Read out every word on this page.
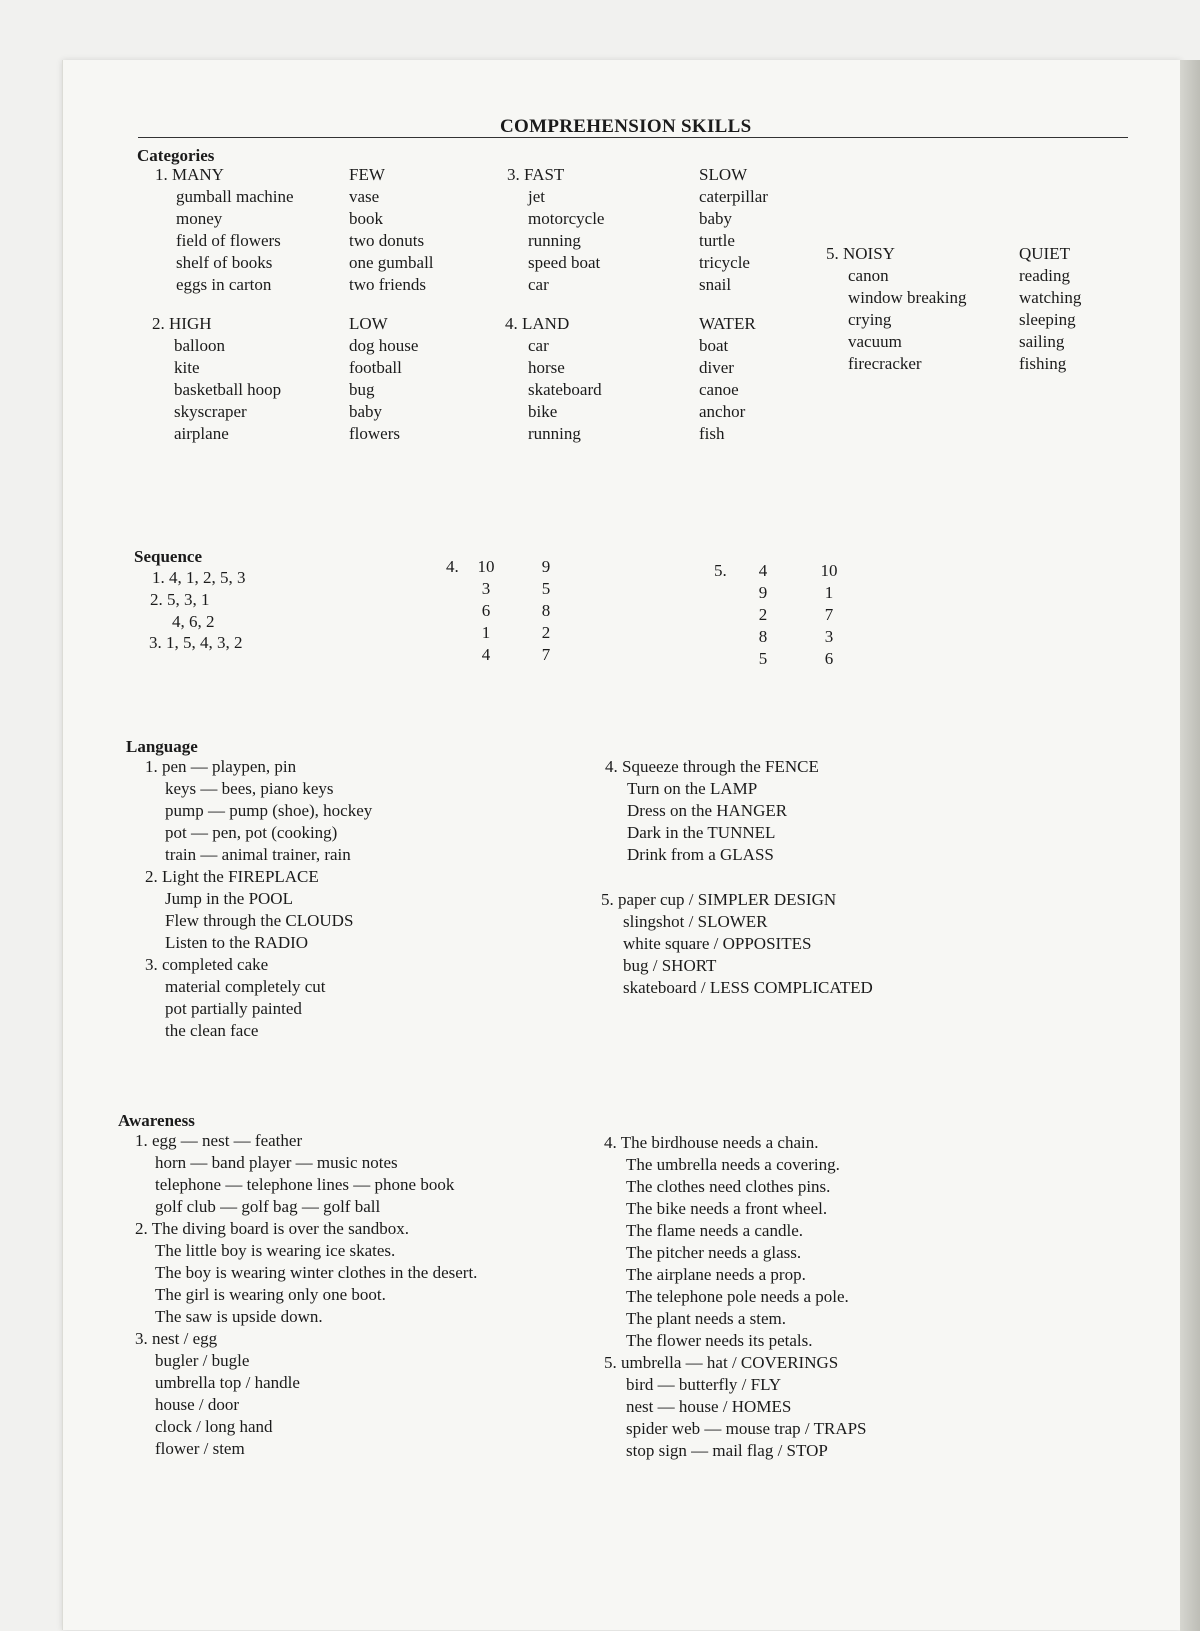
COMPREHENSION SKILLS
Categories
1. MANY
gumball machine
money
field of flowers
shelf of books
eggs in carton
FEW
vase
book
two donuts
one gumball
two friends
3. FAST
jet
motorcycle
running
speed boat
car
SLOW
caterpillar
baby
turtle
tricycle
snail
2. HIGH
balloon
kite
basketball hoop
skyscraper
airplane
LOW
dog house
football
bug
baby
flowers
4. LAND
car
horse
skateboard
bike
running
WATER
boat
diver
canoe
anchor
fish
5. NOISY
canon
window breaking
crying
vacuum
firecracker
QUIET
reading
watching
sleeping
sailing
fishing
Sequence
1. 4, 1, 2, 5, 3
2. 5, 3, 1
4, 6, 2
3. 1, 5, 4, 3, 2
4. 10
3
6
1
4
9
5
8
2
7
5.	4
9
2
8
5
10
1
7
3
6
Language
1. pen — playpen, pin
keys — bees, piano keys
pump — pump (shoe), hockey
pot — pen, pot (cooking)
train — animal trainer, rain
2. Light the FIREPLACE
Jump in the POOL
Flew through the CLOUDS
Listen to the RADIO
3. completed cake
material completely cut
pot partially painted
the clean face
4. Squeeze through the FENCE
Turn on the LAMP
Dress on the HANGER
Dark in the TUNNEL
Drink from a GLASS
5. paper cup / SIMPLER DESIGN
slingshot / SLOWER
white square / OPPOSITES
bug / SHORT
skateboard / LESS COMPLICATED
Awareness
1. egg — nest — feather
horn — band player — music notes
telephone — telephone lines — phone book
golf club — golf bag — golf ball
2. The diving board is over the sandbox.
The little boy is wearing ice skates.
The boy is wearing winter clothes in the desert.
The girl is wearing only one boot.
The saw is upside down.
3. nest / egg
bugler / bugle
umbrella top / handle
house / door
clock / long hand
flower / stem
4. The birdhouse needs a chain.
The umbrella needs a covering.
The clothes need clothes pins.
The bike needs a front wheel.
The flame needs a candle.
The pitcher needs a glass.
The airplane needs a prop.
The telephone pole needs a pole.
The plant needs a stem.
The flower needs its petals.
5. umbrella — hat / COVERINGS
bird — butterfly / FLY
nest — house / HOMES
spider web — mouse trap / TRAPS
stop sign — mail flag / STOP
